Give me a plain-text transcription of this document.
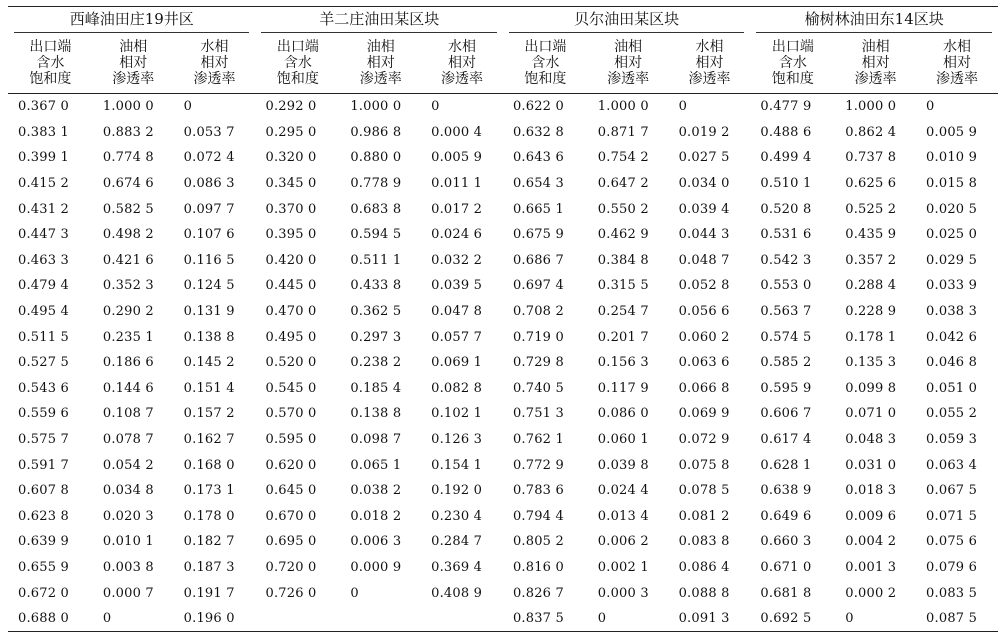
西峰油田庄19井区			羊二庄油田某区块			贝尔油田某区块			榆树林油田东14区块		

出口端
含水
饱和度	油相
相对
渗透率	水相
相对
渗透率	出口端
含水
饱和度	油相
相对
渗透率	水相
相对
渗透率	出口端
含水
饱和度	油相
相对
渗透率	水相
相对
渗透率	出口端
含水
饱和度	油相
相对
渗透率	水相
相对
渗透率
0.367 0	1.000 0	0	0.292 0	1.000 0	0	0.622 0	1.000 0	0	0.477 9	1.000 0	0
0.383 1	0.883 2	0.053 7	0.295 0	0.986 8	0.000 4	0.632 8	0.871 7	0.019 2	0.488 6	0.862 4	0.005 9
0.399 1	0.774 8	0.072 4	0.320 0	0.880 0	0.005 9	0.643 6	0.754 2	0.027 5	0.499 4	0.737 8	0.010 9
0.415 2	0.674 6	0.086 3	0.345 0	0.778 9	0.011 1	0.654 3	0.647 2	0.034 0	0.510 1	0.625 6	0.015 8
0.431 2	0.582 5	0.097 7	0.370 0	0.683 8	0.017 2	0.665 1	0.550 2	0.039 4	0.520 8	0.525 2	0.020 5
0.447 3	0.498 2	0.107 6	0.395 0	0.594 5	0.024 6	0.675 9	0.462 9	0.044 3	0.531 6	0.435 9	0.025 0
0.463 3	0.421 6	0.116 5	0.420 0	0.511 1	0.032 2	0.686 7	0.384 8	0.048 7	0.542 3	0.357 2	0.029 5
0.479 4	0.352 3	0.124 5	0.445 0	0.433 8	0.039 5	0.697 4	0.315 5	0.052 8	0.553 0	0.288 4	0.033 9
0.495 4	0.290 2	0.131 9	0.470 0	0.362 5	0.047 8	0.708 2	0.254 7	0.056 6	0.563 7	0.228 9	0.038 3
0.511 5	0.235 1	0.138 8	0.495 0	0.297 3	0.057 7	0.719 0	0.201 7	0.060 2	0.574 5	0.178 1	0.042 6
0.527 5	0.186 6	0.145 2	0.520 0	0.238 2	0.069 1	0.729 8	0.156 3	0.063 6	0.585 2	0.135 3	0.046 8
0.543 6	0.144 6	0.151 4	0.545 0	0.185 4	0.082 8	0.740 5	0.117 9	0.066 8	0.595 9	0.099 8	0.051 0
0.559 6	0.108 7	0.157 2	0.570 0	0.138 8	0.102 1	0.751 3	0.086 0	0.069 9	0.606 7	0.071 0	0.055 2
0.575 7	0.078 7	0.162 7	0.595 0	0.098 7	0.126 3	0.762 1	0.060 1	0.072 9	0.617 4	0.048 3	0.059 3
0.591 7	0.054 2	0.168 0	0.620 0	0.065 1	0.154 1	0.772 9	0.039 8	0.075 8	0.628 1	0.031 0	0.063 4
0.607 8	0.034 8	0.173 1	0.645 0	0.038 2	0.192 0	0.783 6	0.024 4	0.078 5	0.638 9	0.018 3	0.067 5
0.623 8	0.020 3	0.178 0	0.670 0	0.018 2	0.230 4	0.794 4	0.013 4	0.081 2	0.649 6	0.009 6	0.071 5
0.639 9	0.010 1	0.182 7	0.695 0	0.006 3	0.284 7	0.805 2	0.006 2	0.083 8	0.660 3	0.004 2	0.075 6
0.655 9	0.003 8	0.187 3	0.720 0	0.000 9	0.369 4	0.816 0	0.002 1	0.086 4	0.671 0	0.001 3	0.079 6
0.672 0	0.000 7	0.191 7	0.726 0	0	0.408 9	0.826 7	0.000 3	0.088 8	0.681 8	0.000 2	0.083 5
0.688 0	0	0.196 0				0.837 5	0	0.091 3	0.692 5	0	0.087 5
